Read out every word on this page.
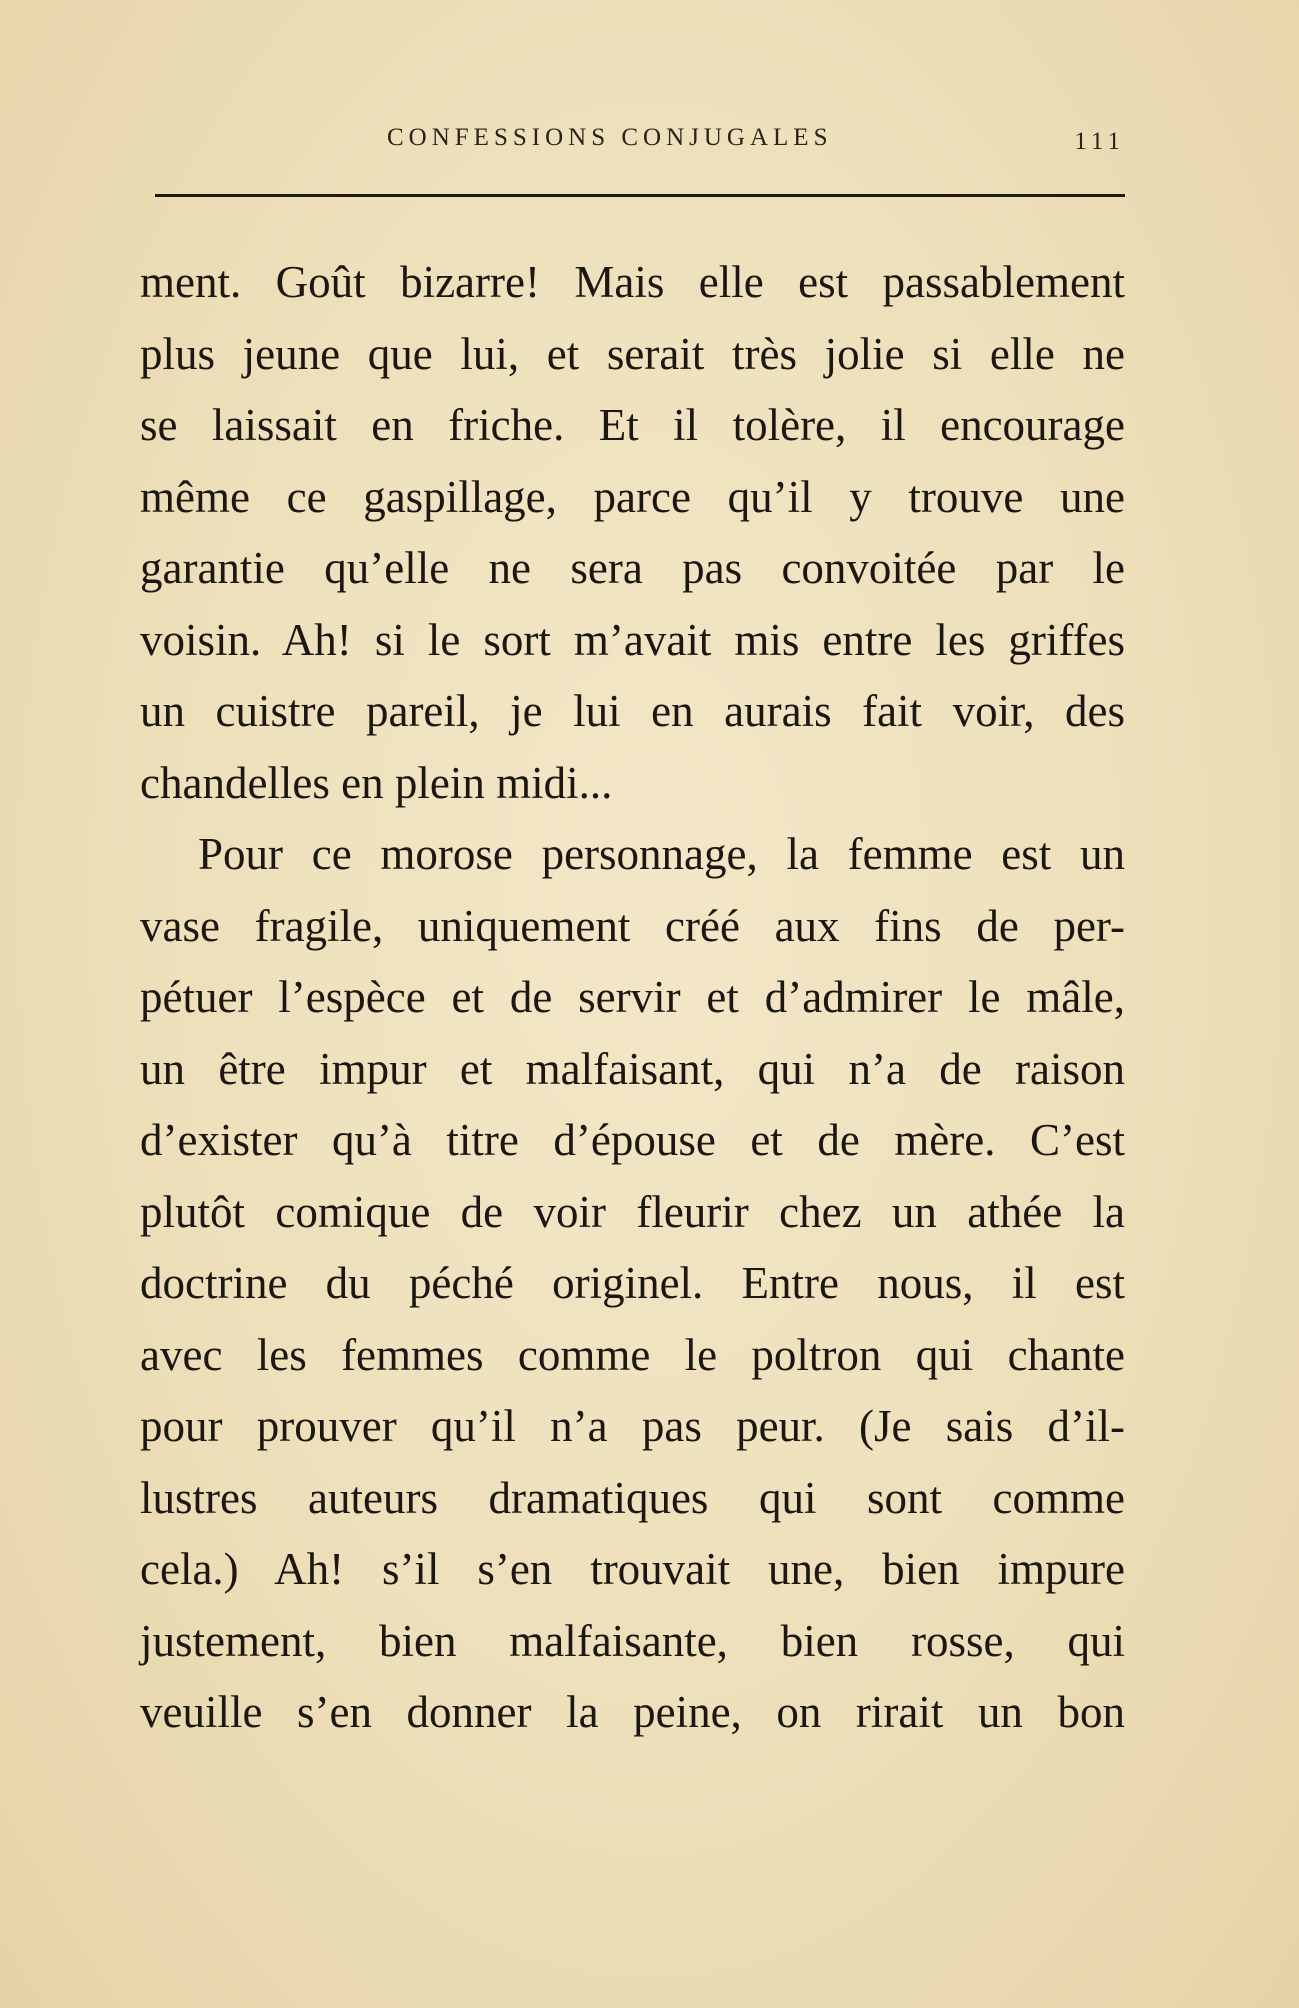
CONFESSIONS CONJUGALES	111
ment. Goût bizarre! Mais elle est passablement
plus jeune que lui, et serait très jolie si elle ne
se laissait en friche. Et il tolère, il encourage
même ce gaspillage, parce qu’il y trouve une
garantie qu’elle ne sera pas convoitée par le
voisin. Ah! si le sort m’avait mis entre les griffes
un cuistre pareil, je lui en aurais fait voir, des
chandelles en plein midi...
Pour ce morose personnage, la femme est un
vase fragile, uniquement créé aux fins de per-
pétuer l’espèce et de servir et d’admirer le mâle,
un être impur et malfaisant, qui n’a de raison
d’exister qu’à titre d’épouse et de mère. C’est
plutôt comique de voir fleurir chez un athée la
doctrine du péché originel. Entre nous, il est
avec les femmes comme le poltron qui chante
pour prouver qu’il n’a pas peur. (Je sais d’il-
lustres auteurs dramatiques qui sont comme
cela.) Ah! s’il s’en trouvait une, bien impure
justement, bien malfaisante, bien rosse, qui
veuille s’en donner la peine, on rirait un bon
